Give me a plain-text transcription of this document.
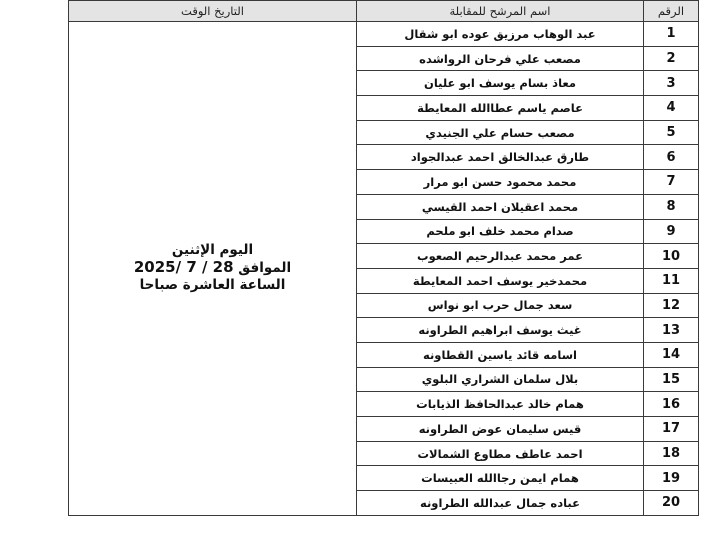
الرقم	اسم المرشح للمقابلة	التاريخ الوقت
1	عبد الوهاب مرزيق عوده ابو شقال	اليوم الإثنين
الموافق 2025/ 7 / 28
الساعة العاشرة صباحا

2	مصعب علي فرحان الرواشده	
3	معاذ بسام يوسف ابو عليان	
4	عاصم ياسم عطاالله المعايطة	
5	مصعب حسام علي الجنيدي	
6	طارق عبدالخالق احمد عبدالجواد	
7	محمد محمود حسن ابو مرار	
8	محمد اعقيلان احمد القيسي	
9	صدام محمد خلف ابو ملحم	
10	عمر محمد عبدالرحيم الصعوب	
11	محمدخير يوسف احمد المعايطة	
12	سعد جمال حرب ابو نواس	
13	غيث يوسف ابراهيم الطراونه	
14	اسامه قائد ياسين القطاونه	
15	بلال سلمان الشراري البلوي	
16	همام خالد عبدالحافظ الذيابات	
17	قيس سليمان عوض الطراونه	
18	احمد عاطف مطاوع الشمالات	
19	همام ايمن رجاالله العبيسات	
20	عباده جمال عبدالله الطراونه	
